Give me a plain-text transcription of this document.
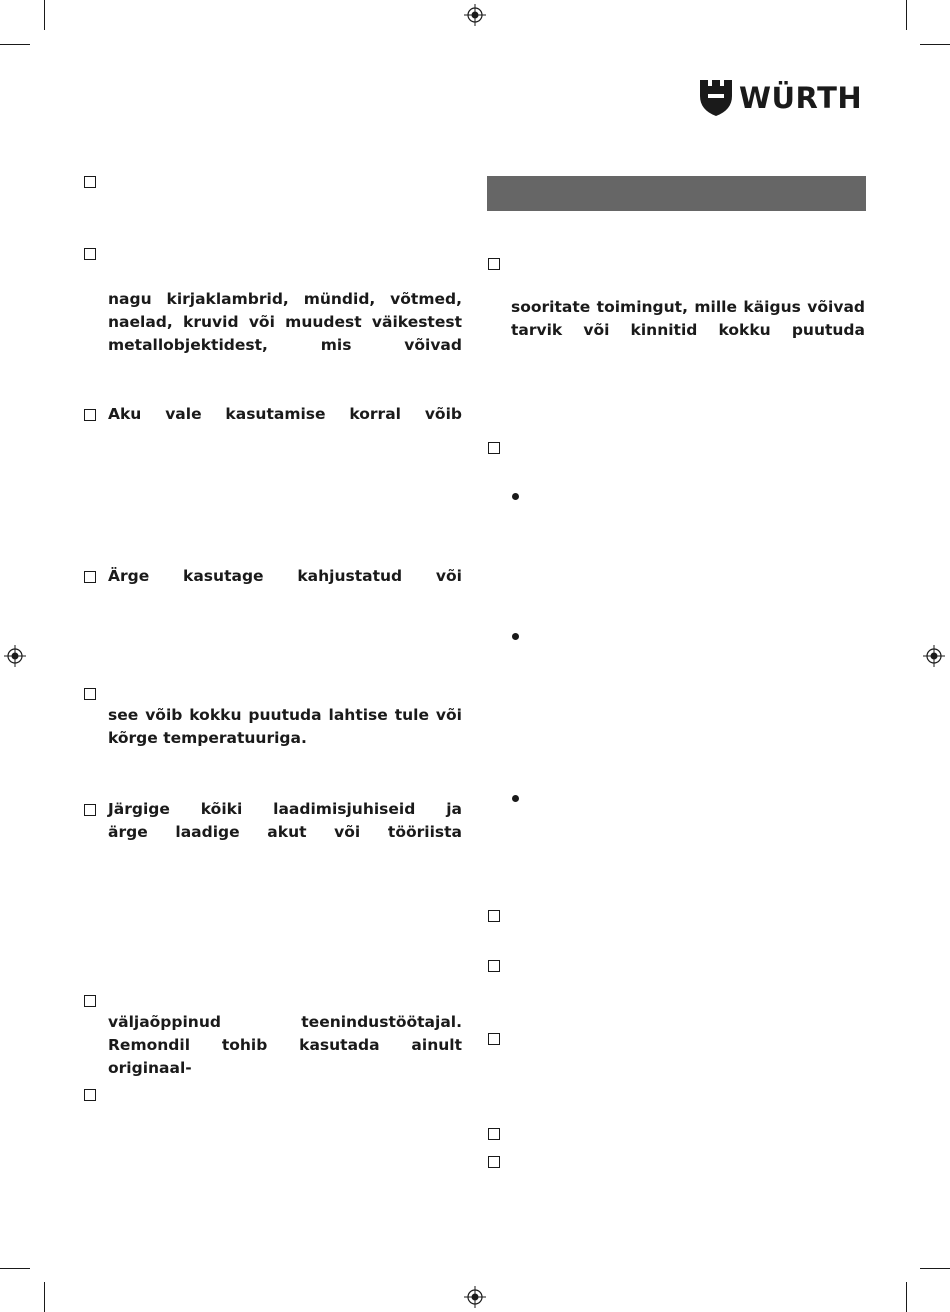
WÜRTH
nagu kirjaklambrid, mündid, võtmed,
naelad, kruvid või muudest väikestest
metallobjektidest, mis võivad
Aku vale kasutamise korral võib
Ärge kasutage kahjustatud või
see võib kokku puutuda lahtise tule või
kõrge temperatuuriga.
Järgige kõiki laadimisjuhiseid ja
ärge laadige akut või tööriista
väljaõppinud teenindustöötajal.
Remondil tohib kasutada ainult originaal-
sooritate toimingut, mille käigus võivad
tarvik või kinnitid kokku puutuda
